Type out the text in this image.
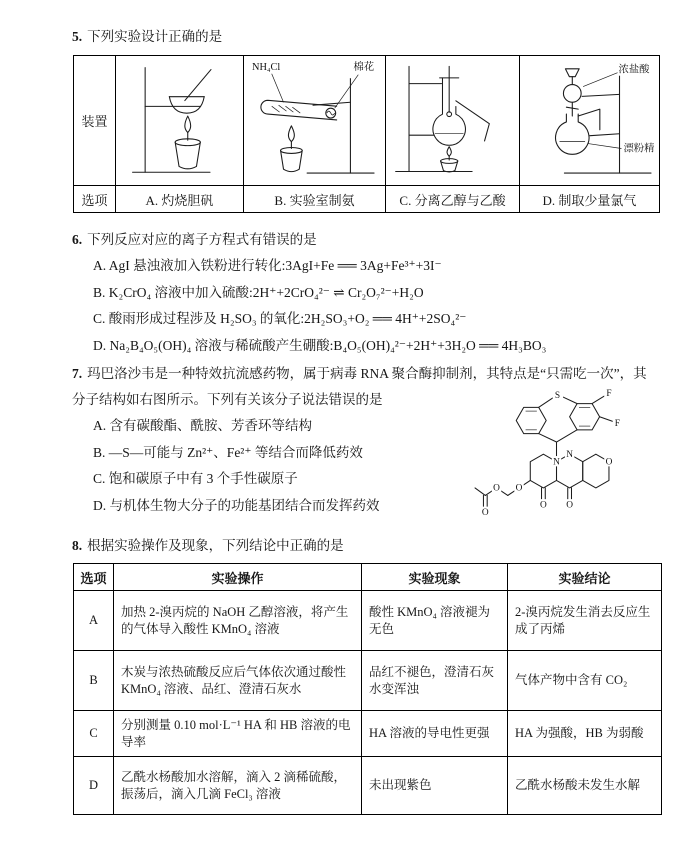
5. 下列实验设计正确的是

装置		NH₄Cl 棉花		浓盐酸
漂粉精

选项	A. 灼烧胆矾	B. 实验室制氨	C. 分离乙醇与乙酸	D. 制取少量氯气

6. 下列反应对应的离子方程式有错误的是

A. AgI 悬浊液加入铁粉进行转化:3AgI+Fe ══ 3Ag+Fe³⁺+3I⁻

B. K₂CrO₄ 溶液中加入硫酸:2H⁺+2CrO₄²⁻ ⇌ Cr₂O₇²⁻+H₂O

C. 酸雨形成过程涉及 H₂SO₃ 的氧化:2H₂SO₃+O₂ ══ 4H⁺+2SO₄²⁻

D. Na₂B₄O₅(OH)₄ 溶液与稀硫酸产生硼酸:B₄O₅(OH)₄²⁻+2H⁺+3H₂O ══ 4H₃BO₃

7. 玛巴洛沙韦是一种特效抗流感药物，属于病毒 RNA 聚合酶抑制剂，其特点是“只需吃一次”，其分子结构如右图所示。下列有关该分子说法错误的是

A. 含有碳酸酯、酰胺、芳香环等结构

B. —S—可能与 Zn²⁺、Fe²⁺ 等结合而降低药效

C. 饱和碳原子中有 3 个手性碳原子

D. 与机体生物大分子的功能基团结合而发挥药效

S	F
F
N
N
O
O O
O
O
O

8. 根据实验操作及现象，下列结论中正确的是

选项	实验操作	实验现象	实验结论
A	加热 2-溴丙烷的 NaOH 乙醇溶液，将产生的气体导入酸性 KMnO₄ 溶液	酸性 KMnO₄ 溶液褪为无色	2-溴丙烷发生消去反应生成了丙烯
B	木炭与浓热硫酸反应后气体依次通过酸性 KMnO₄ 溶液、品红、澄清石灰水	品红不褪色，澄清石灰水变浑浊	气体产物中含有 CO₂
C	分别测量 0.10 mol·L⁻¹ HA 和 HB 溶液的电导率	HA 溶液的导电性更强	HA 为强酸，HB 为弱酸
D	乙酰水杨酸加水溶解，滴入 2 滴稀硫酸，振荡后，滴入几滴 FeCl₃ 溶液	未出现紫色	乙酰水杨酸未发生水解
